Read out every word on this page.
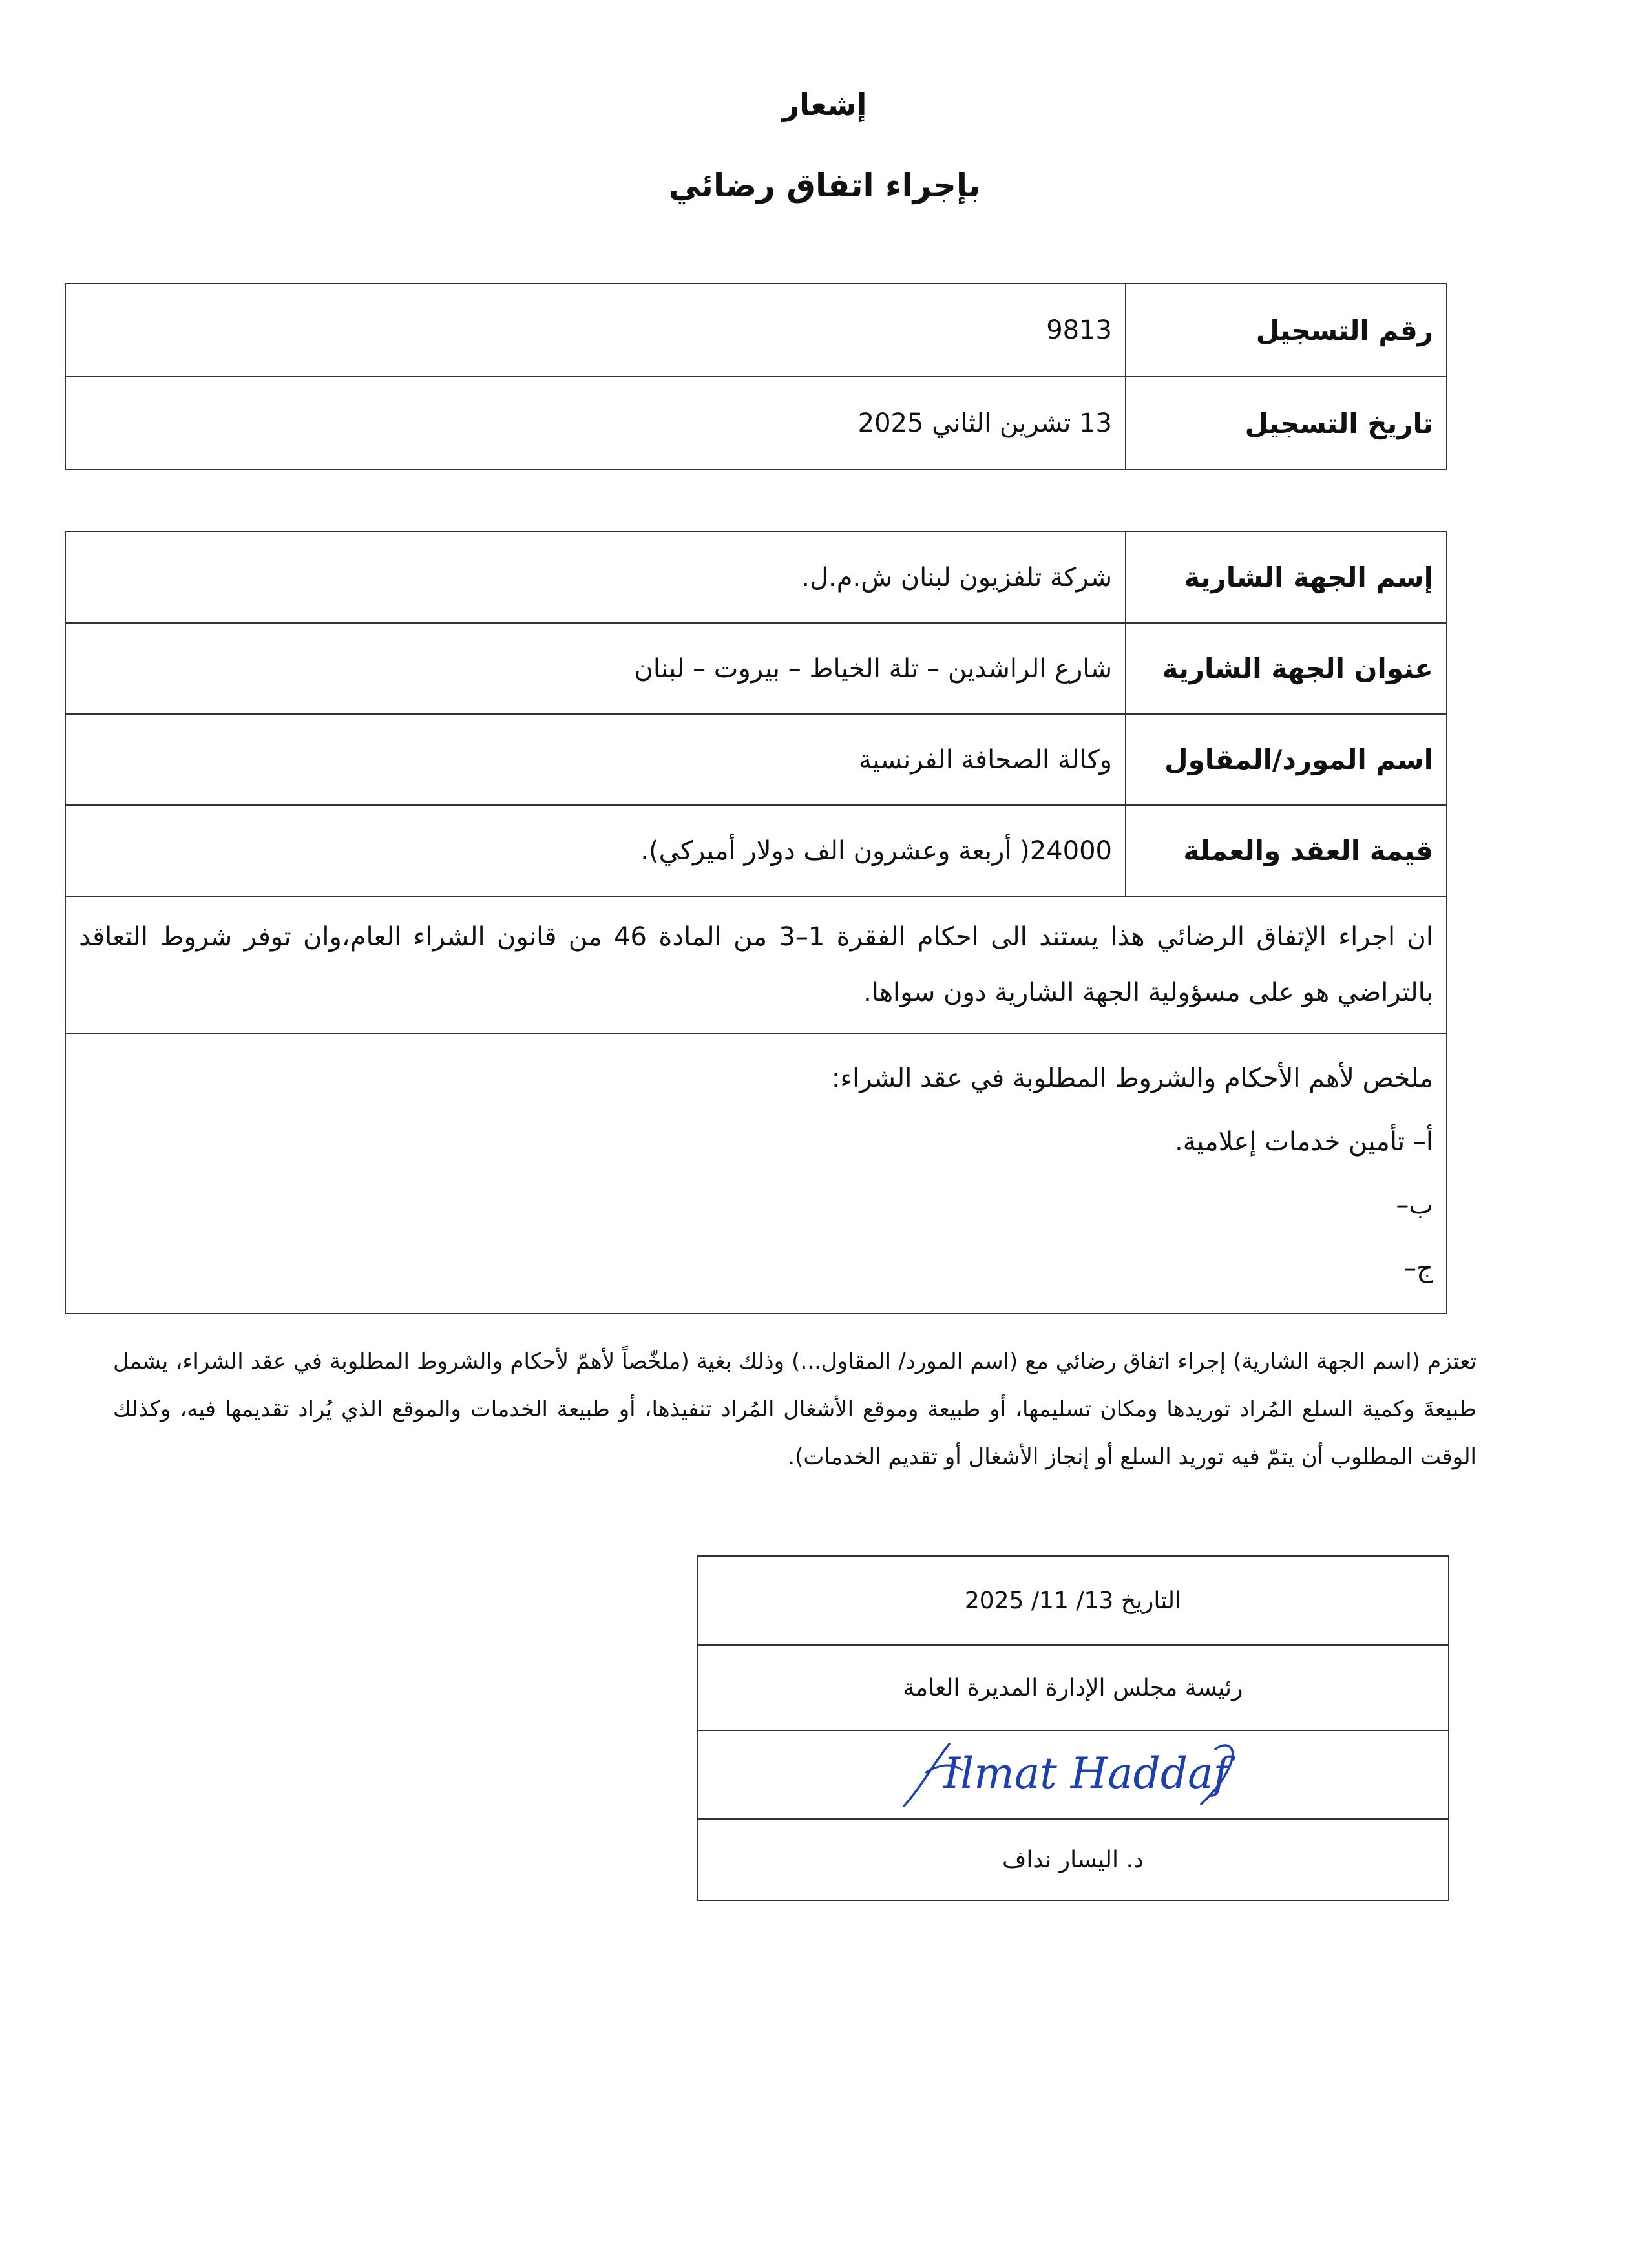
إشعار
بإجراء اتفاق رضائي
رقم التسجيل	9813
تاريخ التسجيل	13 تشرين الثاني 2025
إسم الجهة الشارية	شركة تلفزيون لبنان ش.م.ل.
عنوان الجهة الشارية	شارع الراشدين – تلة الخياط – بيروت – لبنان
اسم المورد/المقاول	وكالة الصحافة الفرنسية
قيمة العقد والعملة	24000( أربعة وعشرون الف دولار أميركي).
ان اجراء الإتفاق الرضائي هذا يستند الى احكام الفقرة 1–3 من المادة 46 من قانون الشراء العام،وان توفر شروط التعاقد بالتراضي هو على مسؤولية الجهة الشارية دون سواها.	

ملخص لأهم الأحكام والشروط المطلوبة في عقد الشراء:
أ– تأمين خدمات إعلامية.
ب–
ج–	
تعتزم (اسم الجهة الشارية) إجراء اتفاق رضائي مع (اسم المورد/ المقاول...) وذلك بغية (ملخّصاً لأهمّ لأحكام والشروط المطلوبة في عقد الشراء، يشمل طبيعةَ وكمية السلع المُراد توريدها ومكان تسليمها، أو طبيعة وموقع الأشغال المُراد تنفيذها، أو طبيعة الخدمات والموقع الذي يُراد تقديمها فيه، وكذلك الوقت المطلوب أن يتمّ فيه توريد السلع أو إنجاز الأشغال أو تقديم الخدمات).
التاريخ 13/ 11/ 2025
رئيسة مجلس الإدارة المديرة العامة

Ilmat Haddaf

د. اليسار نداف
